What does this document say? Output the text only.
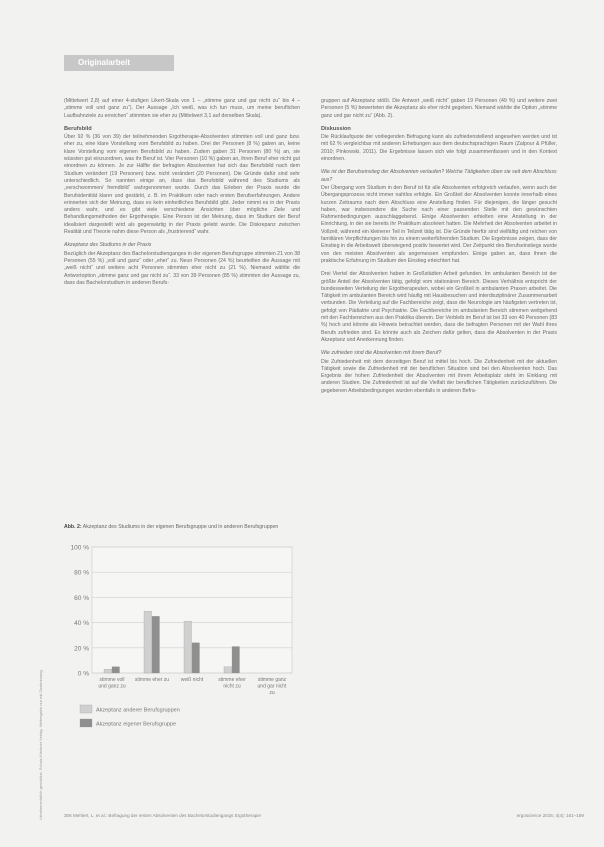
Originalarbeit
Urheberrechtlich geschützt. Schulz-Kirchner Verlag. Weitergabe nur mit Zustimmung.
(Mittelwert 2,8) auf einer 4-stufigen Likert-Skala von 1 – „stimme ganz und gar nicht zu“ bis 4 – „stimme voll und ganz zu“). Der Aussage „Ich weiß, was ich tun muss, um meine beruflichen Laufbahnziele zu erreichen“ stimmten sie eher zu (Mittelwert 3,1 auf derselben Skala).
Berufsbild
Über 92 % (36 von 39) der teilnehmenden Ergotherapie-Absolventen stimmten voll und ganz bzw. eher zu, eine klare Vorstellung vom Berufsbild zu haben. Drei der Personen (8 %) gaben an, keine klare Vorstellung vom eigenen Berufsbild zu haben. Zudem gaben 31 Personen (80 %) an, sie wüssten gut einzuordnen, was ihr Beruf ist. Vier Personen (10 %) gaben an, ihren Beruf eher nicht gut einordnen zu können. Je zur Hälfte der befragten Absolventen hat sich das Berufsbild nach dem Studium verändert (19 Personen) bzw. nicht verändert (20 Personen). Die Gründe dafür sind sehr unterschiedlich. So nannten einige an, dass das Berufsbild während des Studiums als „verschwommen/ fremdbild“ wahrgenommen wurde. Durch das Erleben der Praxis wurde die Berufsidentität klarer und gestärkt, z. B. im Praktikum oder nach ersten Berufserfahrungen. Andere erinnerten sich der Meinung, dass es kein einheitliches Berufsbild gibt. Jeder nimmt es in der Praxis anders wahr, und es gibt viele verschiedene Ansichten über mögliche Ziele und Behandlungsmethoden der Ergotherapie. Eine Person ist der Meinung, dass im Studium der Beruf idealisiert dargestellt wird als gegenwärtig in der Praxis gelebt wurde. Die Diskrepanz zwischen Realität und Theorie nahm diese Person als „frustrierend“ wahr.
Akzeptanz des Studiums in der Praxis
Bezüglich der Akzeptanz des Bachelorstudienganges in der eigenen Berufsgruppe stimmten 21 von 38 Personen (55 %) „voll und ganz“ oder „eher“ zu. Neun Personen (24 %) beurteilten die Aussage mit „weiß nicht“ und weitere acht Personen stimmten eher nicht zu (21 %). Niemand wählte die Antwortoption „stimme ganz und gar nicht zu“. 33 von 39 Personen (85 %) stimmten der Aussage zu, dass das Bachelorstudium in anderen Berufs-
gruppen auf Akzeptanz stößt. Die Antwort „weiß nicht“ gaben 19 Personen (49 %) und weitere zwei Personen (5 %) bewerteten die Akzeptanz als eher nicht gegeben. Niemand wählte die Option „stimme ganz und gar nicht zu“ (Abb. 2).
Diskussion
Die Rücklaufquote der vorliegenden Befragung kann als zufriedenstellend angesehen werden und ist mit 62 % vergleichbar mit anderen Erhebungen aus dem deutschsprachigen Raum (Zalpour & Pfüller, 2010; Pinkowski, 2011). Die Ergebnisse lassen sich wie folgt zusammenfassen und in den Kontext einordnen.
Wie ist der Berufseinstieg der Absolventen verlaufen? Welche Tätigkeiten üben sie seit dem Abschluss aus?
Der Übergang vom Studium in den Beruf ist für alle Absolventen erfolgreich verlaufen, wenn auch der Übergangsprozess nicht immer nahtlos erfolgte. Ein Großteil der Absolventen konnte innerhalb eines kurzen Zeitraums nach dem Abschluss eine Anstellung finden. Für diejenigen, die länger gesucht haben, war insbesondere die Suche nach einer passenden Stelle mit den gewünschten Rahmenbedingungen ausschlaggebend. Einige Absolventen erhielten eine Anstellung in der Einrichtung, in der sie bereits ihr Praktikum absolviert hatten. Die Mehrheit der Absolventen arbeitet in Vollzeit, während ein kleinerer Teil in Teilzeit tätig ist. Die Gründe hierfür sind vielfältig und reichen von familiären Verpflichtungen bis hin zu einem weiterführenden Studium. Die Ergebnisse zeigen, dass der Einstieg in die Arbeitswelt überwiegend positiv bewertet wird. Der Zeitpunkt des Berufseinstiegs wurde von den meisten Absolventen als angemessen empfunden. Einige gaben an, dass ihnen die praktische Erfahrung im Studium den Einstieg erleichtert hat.
Drei Viertel der Absolventen haben in Großstädten Arbeit gefunden. Im ambulanten Bereich ist der größte Anteil der Absolventen tätig, gefolgt vom stationären Bereich. Dieses Verhältnis entspricht der bundesweiten Verteilung der Ergotherapeuten, wobei ein Großteil in ambulanten Praxen arbeitet. Die Tätigkeit im ambulanten Bereich wird häufig mit Hausbesuchen und interdisziplinärer Zusammenarbeit verbunden. Die Verteilung auf die Fachbereiche zeigt, dass die Neurologie am häufigsten vertreten ist, gefolgt von Pädiatrie und Psychiatrie. Die Fachbereiche im ambulanten Bereich stimmen weitgehend mit den Fachbereichen aus den Praktika überein. Der Verbleib im Beruf ist bei 33 von 40 Personen (83 %) hoch und könnte als Hinweis betrachtet werden, dass die befragten Personen mit der Wahl ihres Berufs zufrieden sind. Es könnte auch als Zeichen dafür gelten, dass die Absolventen in der Praxis Akzeptanz und Anerkennung finden.
Wie zufrieden sind die Absolventen mit ihrem Beruf?
Die Zufriedenheit mit dem derzeitigen Beruf ist mittel bis hoch. Die Zufriedenheit mit der aktuellen Tätigkeit sowie die Zufriedenheit mit der beruflichen Situation sind bei den Absolventen hoch. Das Ergebnis der hohen Zufriedenheit der Absolventen mit ihrem Arbeitsplatz steht im Einklang mit anderen Studien. Die Zufriedenheit ist auf die Vielfalt der beruflichen Tätigkeiten zurückzuführen. Die gegebenen Arbeitsbedingungen wurden ebenfalls in anderen Befra-
Abb. 2: Akzeptanz des Studiums in der eigenen Berufsgruppe und in anderen Berufsgruppen
0 %
20 %
40 %
60 %
80 %
100 %
stimme voll
und ganz zu
stimme eher zu weiß nicht	stimme eher
nicht zu
stimme ganz
und gar nicht
zu
Akzeptanz anderer Berufsgruppen
Akzeptanz eigener Berufsgruppe
306 Mehlert, L. et al.: Befragung der ersten Absolventen des Bachelorstudiengangs Ergotherapie	ergoscience 2016; 4(4): 161–169
